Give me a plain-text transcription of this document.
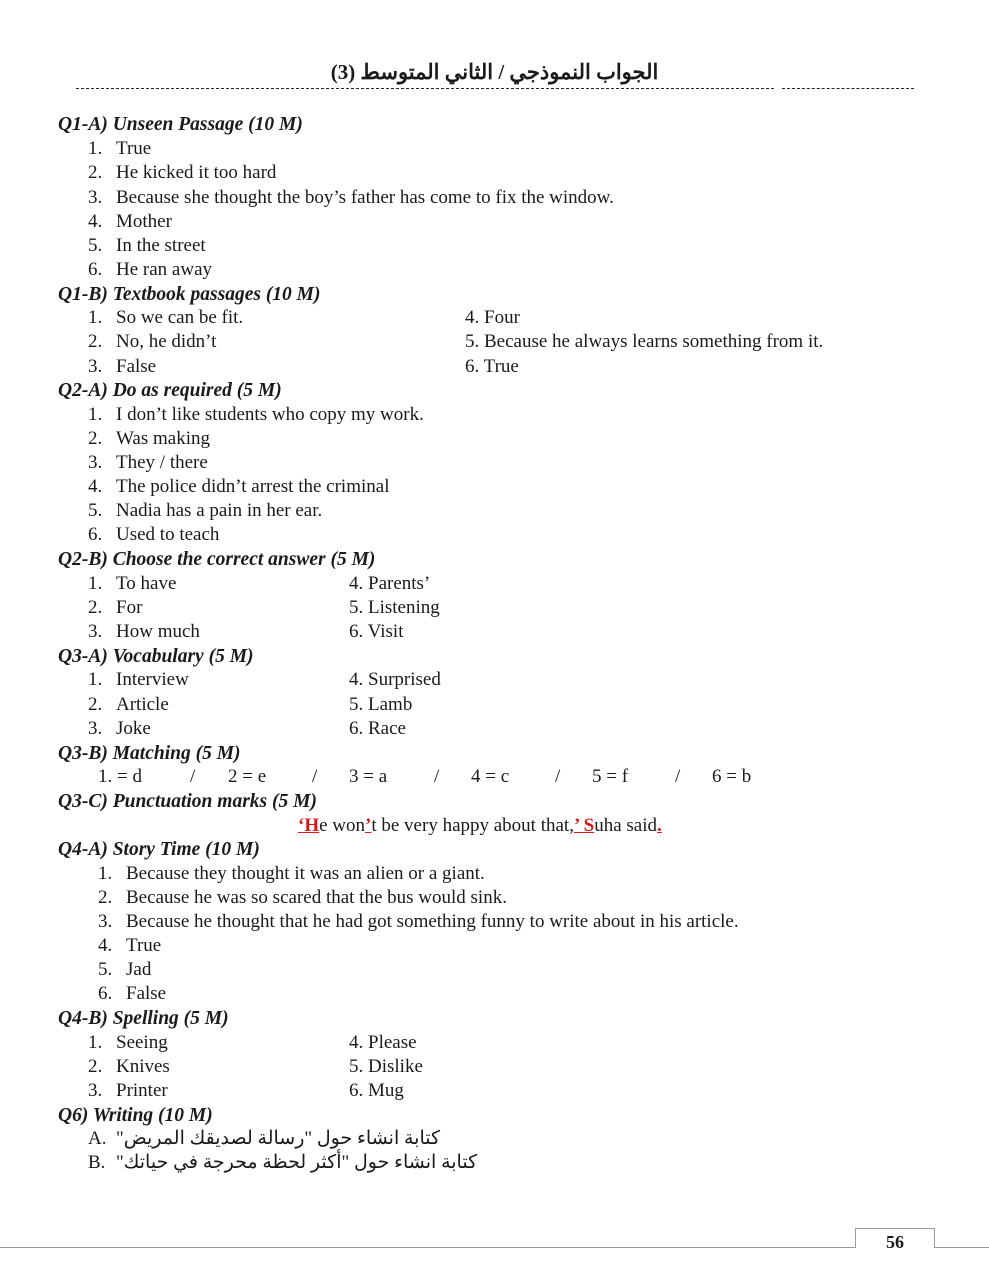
الجواب النموذجي / الثاني المتوسط (3)
Q1-A) Unseen Passage (10 M)
1. True
2. He kicked it too hard
3. Because she thought the boy’s father has come to fix the window.
4. Mother
5. In the street
6. He ran away
Q1-B) Textbook passages (10 M)
1. So we can be fit.
2. No, he didn’t
3. False
4. Four
5. Because he always learns something from it.
6. True
Q2-A) Do as required (5 M)
1. I don’t like students who copy my work.
2. Was making
3. They / there
4. The police didn’t arrest the criminal
5. Nadia has a pain in her ear.
6. Used to teach
Q2-B) Choose the correct answer (5 M)
1. To have
2. For
3. How much
4. Parents’
5. Listening
6. Visit
Q3-A) Vocabulary (5 M)
1. Interview
2. Article
3. Joke
4. Surprised
5. Lamb
6. Race
Q3-B) Matching (5 M)
1. = d	/ 2 = e / 3 = a / 4 = c / 5 = f / 6 = b
Q3-C) Punctuation marks (5 M)
‘He won’t be very happy about that,’ Suha said.
Q4-A) Story Time (10 M)
1. Because they thought it was an alien or a giant.
2. Because he was so scared that the bus would sink.
3. Because he thought that he had got something funny to write about in his article.
4. True
5. Jad
6. False
Q4-B) Spelling (5 M)
1. Seeing
2. Knives
3. Printer
4. Please
5. Dislike
6. Mug
Q6) Writing (10 M)
A. كتابة انشاء حول "رسالة لصديقك المريض"
B. كتابة انشاء حول "أكثر لحظة محرجة في حياتك"
56
